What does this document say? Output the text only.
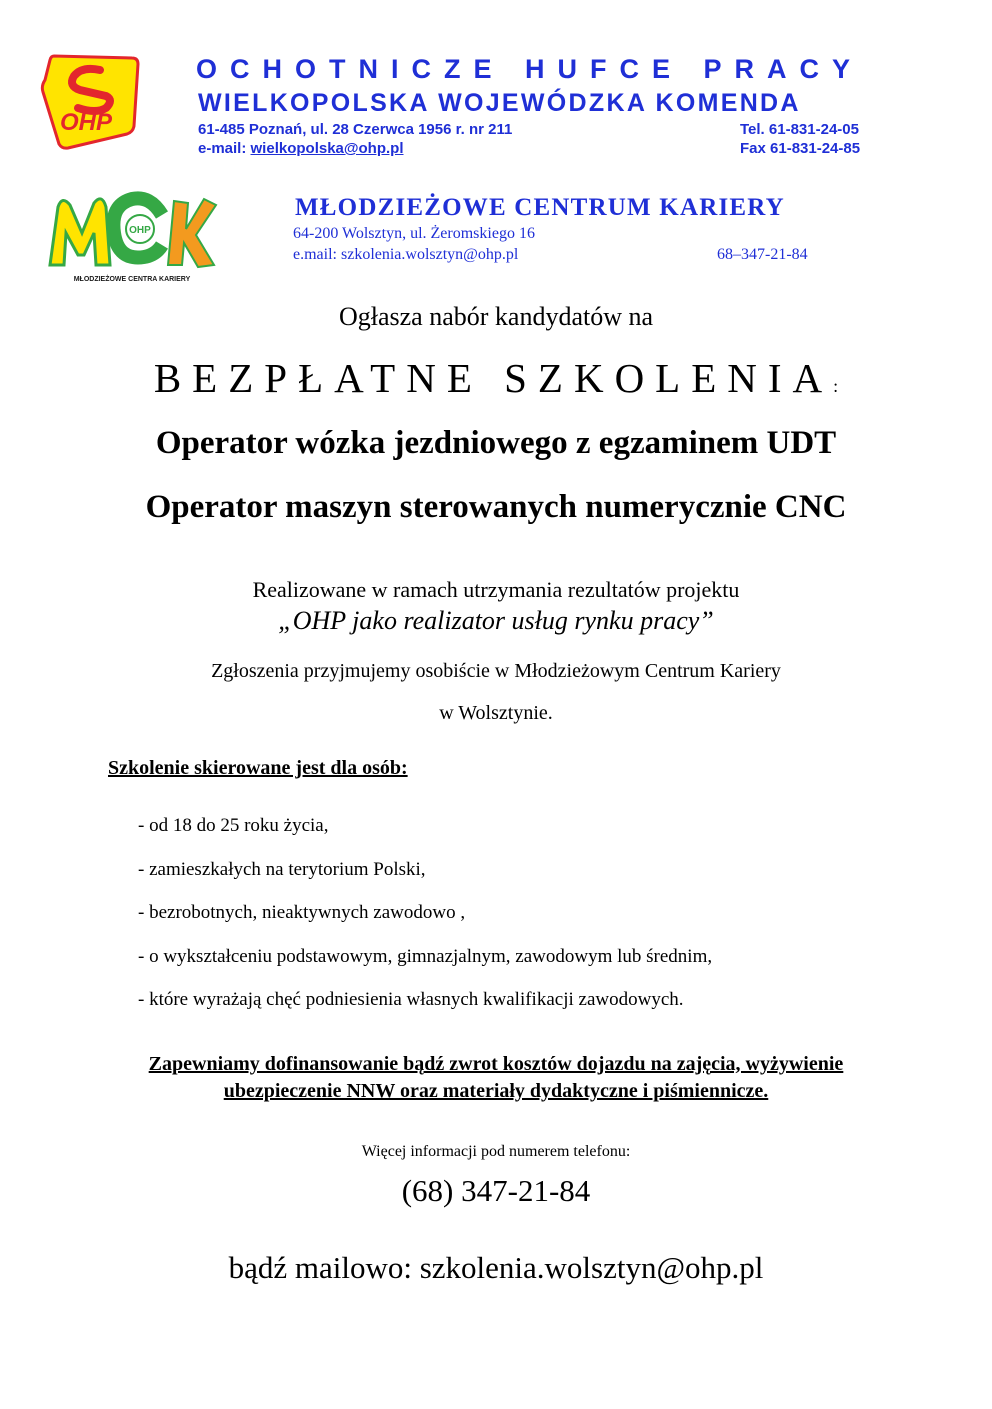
OHP
OCHOTNICZE HUFCE PRACY
WIELKOPOLSKA WOJEWÓDZKA KOMENDA
61-485 Poznań, ul. 28 Czerwca 1956 r. nr 211
e-mail: wielkopolska@ohp.pl
Tel. 61-831-24-05
Fax 61-831-24-85
OHP
MŁODZIEŻOWE CENTRA KARIERY
MŁODZIEŻOWE CENTRUM KARIERY
64-200 Wolsztyn, ul. Żeromskiego 16
e.mail: szkolenia.wolsztyn@ohp.pl	68–347-21-84
Ogłasza nabór kandydatów na
BEZPŁATNE SZKOLENIA:
Operator wózka jezdniowego z egzaminem UDT
Operator maszyn sterowanych numerycznie CNC
Realizowane w ramach utrzymania rezultatów projektu
„OHP jako realizator usług rynku pracy”
Zgłoszenia przyjmujemy osobiście w Młodzieżowym Centrum Kariery
w Wolsztynie.
Szkolenie skierowane jest dla osób:
- od 18 do 25 roku życia,
- zamieszkałych na terytorium Polski,
- bezrobotnych, nieaktywnych zawodowo ,
- o wykształceniu podstawowym, gimnazjalnym, zawodowym lub średnim,
- które wyrażają chęć podniesienia własnych kwalifikacji zawodowych.
Zapewniamy dofinansowanie bądź zwrot kosztów dojazdu na zajęcia, wyżywienie
ubezpieczenie NNW oraz materiały dydaktyczne i piśmiennicze.
Więcej informacji pod numerem telefonu:
(68) 347-21-84
bądź mailowo: szkolenia.wolsztyn@ohp.pl
